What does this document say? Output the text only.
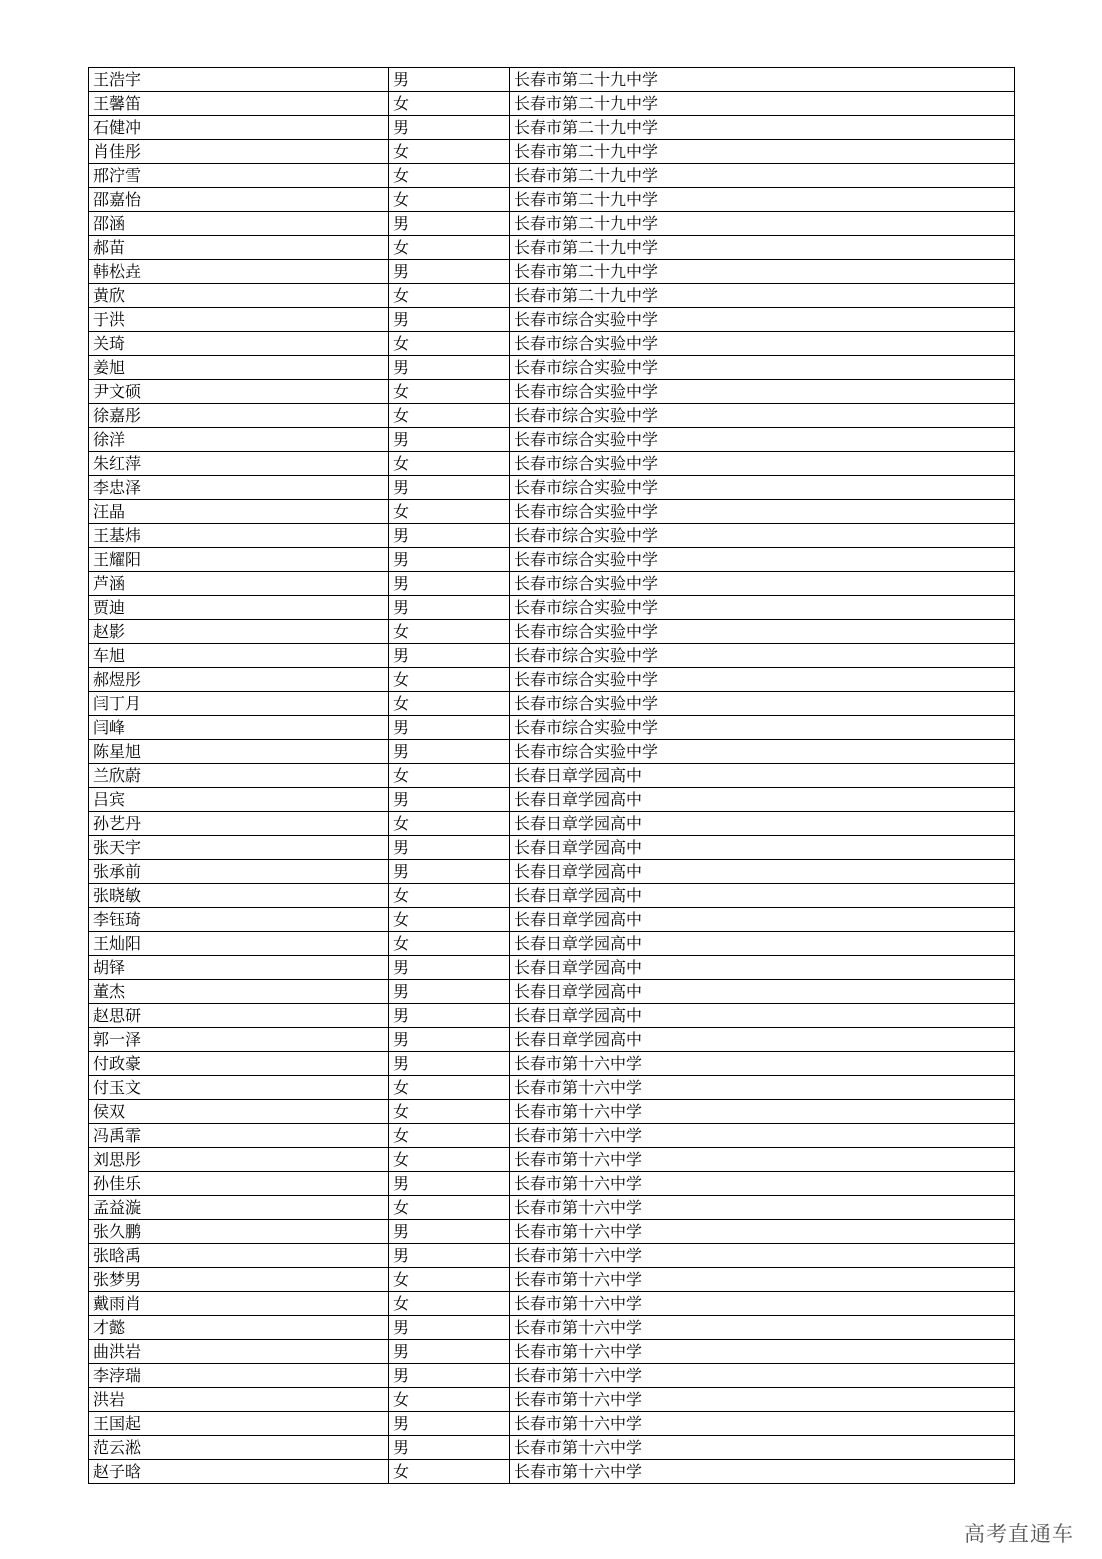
王浩宇	男	长春市第二十九中学
王馨笛	女	长春市第二十九中学
石健冲	男	长春市第二十九中学
肖佳彤	女	长春市第二十九中学
邢泞雪	女	长春市第二十九中学
邵嘉怡	女	长春市第二十九中学
邵涵	男	长春市第二十九中学
郝苗	女	长春市第二十九中学
韩松垚	男	长春市第二十九中学
黄欣	女	长春市第二十九中学
于洪	男	长春市综合实验中学
关琦	女	长春市综合实验中学
姜旭	男	长春市综合实验中学
尹文硕	女	长春市综合实验中学
徐嘉彤	女	长春市综合实验中学
徐洋	男	长春市综合实验中学
朱红萍	女	长春市综合实验中学
李忠泽	男	长春市综合实验中学
汪晶	女	长春市综合实验中学
王基炜	男	长春市综合实验中学
王耀阳	男	长春市综合实验中学
芦涵	男	长春市综合实验中学
贾迪	男	长春市综合实验中学
赵影	女	长春市综合实验中学
车旭	男	长春市综合实验中学
郝煜彤	女	长春市综合实验中学
闫丁月	女	长春市综合实验中学
闫峰	男	长春市综合实验中学
陈星旭	男	长春市综合实验中学
兰欣蔚	女	长春日章学园高中
吕宾	男	长春日章学园高中
孙艺丹	女	长春日章学园高中
张天宇	男	长春日章学园高中
张承前	男	长春日章学园高中
张晓敏	女	长春日章学园高中
李钰琦	女	长春日章学园高中
王灿阳	女	长春日章学园高中
胡铎	男	长春日章学园高中
董杰	男	长春日章学园高中
赵思研	男	长春日章学园高中
郭一泽	男	长春日章学园高中
付政豪	男	长春市第十六中学
付玉文	女	长春市第十六中学
侯双	女	长春市第十六中学
冯禹霏	女	长春市第十六中学
刘思彤	女	长春市第十六中学
孙佳乐	男	长春市第十六中学
孟益漩	女	长春市第十六中学
张久鹏	男	长春市第十六中学
张晗禹	男	长春市第十六中学
张梦男	女	长春市第十六中学
戴雨肖	女	长春市第十六中学
才懿	男	长春市第十六中学
曲洪岩	男	长春市第十六中学
李浡瑞	男	长春市第十六中学
洪岩	女	长春市第十六中学
王国起	男	长春市第十六中学
范云淞	男	长春市第十六中学
赵子晗	女	长春市第十六中学
高考直通车
